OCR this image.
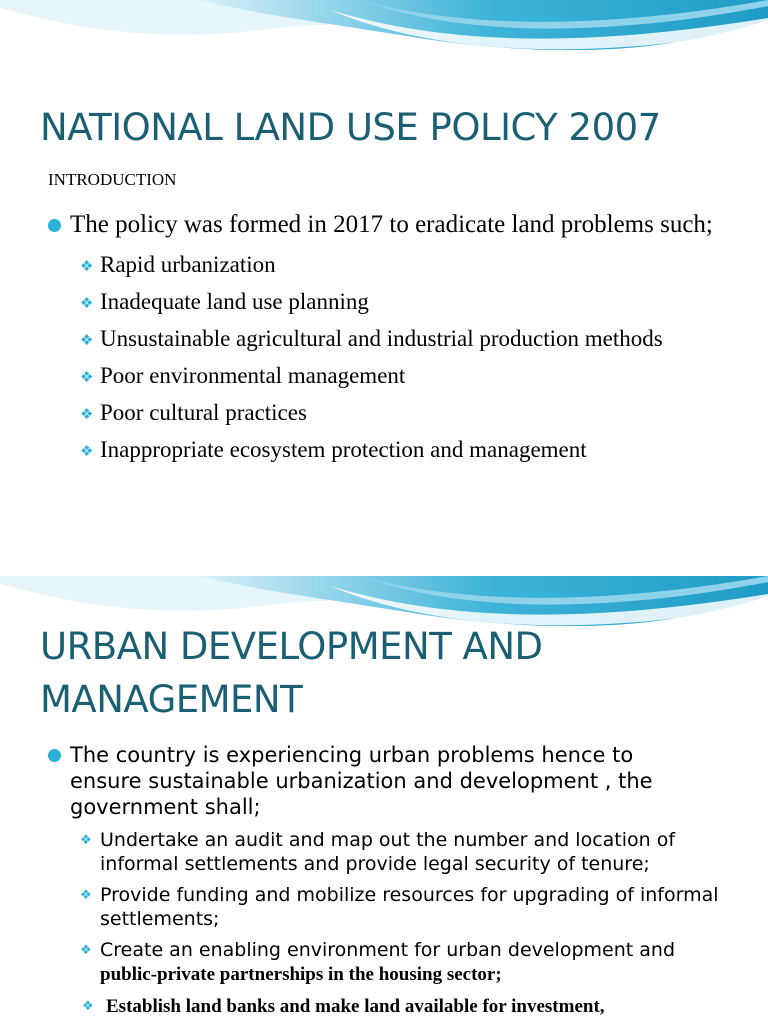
NATIONAL LAND USE POLICY 2007
INTRODUCTION
The policy was formed in 2017 to eradicate land problems such;
❖ Rapid urbanization
❖ Inadequate land use planning
❖ Unsustainable agricultural and industrial production methods
❖ Poor environmental management
❖ Poor cultural practices
❖ Inappropriate ecosystem protection and management
URBAN DEVELOPMENT AND
MANAGEMENT
The country is experiencing urban problems hence to ensure sustainable urbanization and development , the government shall;
❖ Undertake an audit and map out the number and location of informal settlements and provide legal security of tenure;
❖ Provide funding and mobilize resources for upgrading of informal settlements;
❖ Create an enabling environment for urban development and
public-private partnerships in the housing sector;
❖ Establish land banks and make land available for investment,
